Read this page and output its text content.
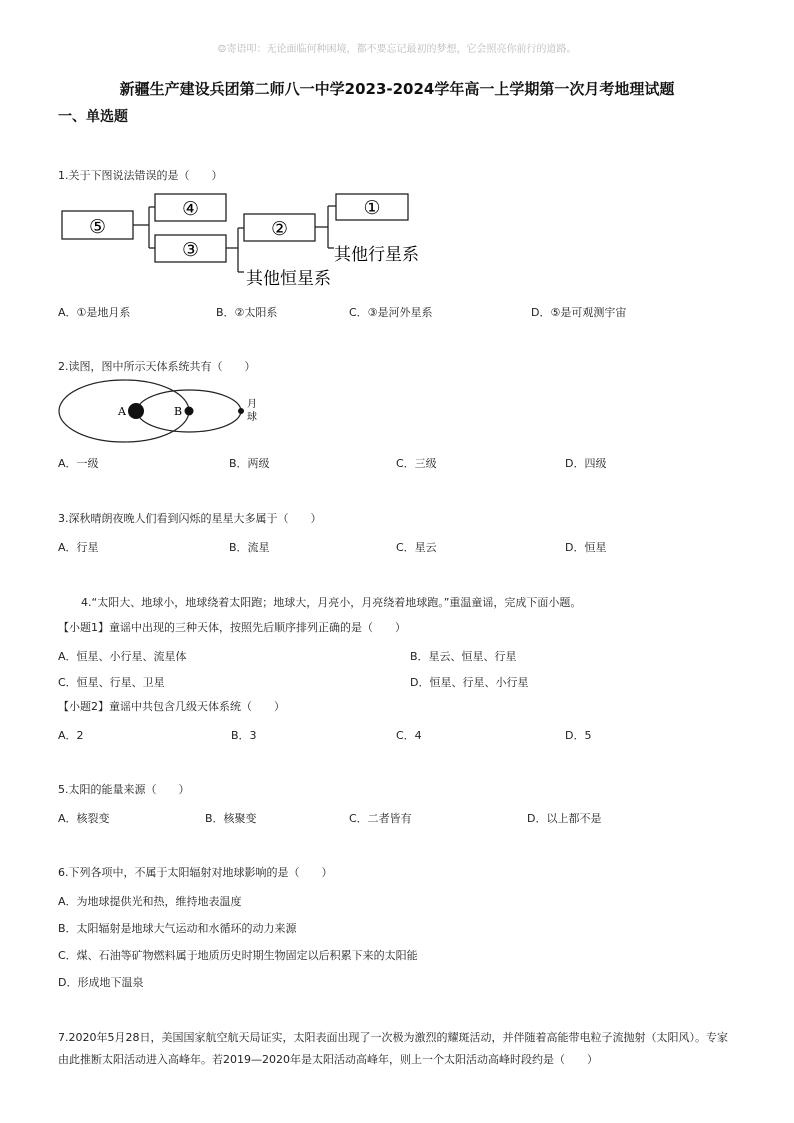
☺寄语叩：无论面临何种困境，都不要忘记最初的梦想，它会照亮你前行的道路。
新疆生产建设兵团第二师八一中学2023-2024学年高一上学期第一次月考地理试题
一、单选题
1.关于下图说法错误的是（　　）
⑤
④
③
②
①
其他行星系
其他恒星系
A．①是地月系	B．②太阳系	C．③是河外星系	D．⑤是可观测宇宙
2.读图，图中所示天体系统共有（　　）
A	B
月
球
A．一级	B．两级	C．三级	D．四级
3.深秋晴朗夜晚人们看到闪烁的星星大多属于（　　）
A．行星	B．流星	C．星云	D．恒星
4.“太阳大、地球小，地球绕着太阳跑；地球大，月亮小，月亮绕着地球跑。”重温童谣，完成下面小题。
【小题1】童谣中出现的三种天体，按照先后顺序排列正确的是（　　）
A．恒星、小行星、流星体	B．星云、恒星、行星
C．恒星、行星、卫星	D．恒星、行星、小行星
【小题2】童谣中共包含几级天体系统（　　）
A．2	B．3	C．4	D．5
5.太阳的能量来源（　　）
A．核裂变	B．核聚变	C．二者皆有	D．以上都不是
6.下列各项中，不属于太阳辐射对地球影响的是（　　）
A．为地球提供光和热，维持地表温度
B．太阳辐射是地球大气运动和水循环的动力来源
C．煤、石油等矿物燃料属于地质历史时期生物固定以后积累下来的太阳能
D．形成地下温泉
7.2020年5月28日，美国国家航空航天局证实，太阳表面出现了一次极为激烈的耀斑活动，并伴随着高能带电粒子流抛射（太阳风）。专家由此推断太阳活动进入高峰年。若2019—2020年是太阳活动高峰年，则上一个太阳活动高峰时段约是（　　）
